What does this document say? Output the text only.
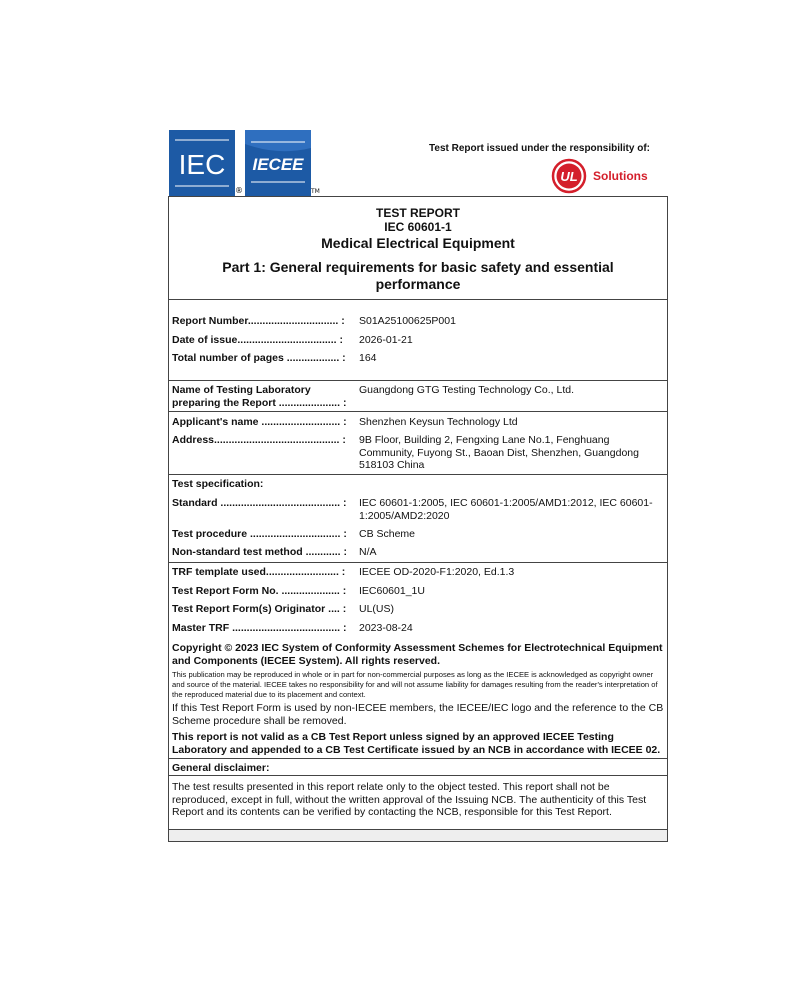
IEC
®
IECEE
TM
Test Report issued under the responsibility of:
UL Solutions
TEST REPORT
IEC 60601-1
Medical Electrical Equipment
Part 1: General requirements for basic safety and essential
performance
Report Number............................... :	S01A25100625P001
Date of issue.................................. :	2026-01-21
Total number of pages .................. :	164
Name of Testing Laboratory
preparing the Report ..................... :
Guangdong GTG Testing Technology Co., Ltd.
Applicant's name ........................... :	Shenzhen Keysun Technology Ltd
Address........................................... :	9B Floor, Building 2, Fengxing Lane No.1, Fenghuang Community, Fuyong St., Baoan Dist, Shenzhen, Guangdong 518103 China
Test specification:
Standard ......................................... :	IEC 60601-1:2005, IEC 60601-1:2005/AMD1:2012, IEC 60601-1:2005/AMD2:2020
Test procedure ............................... :	CB Scheme
Non-standard test method ............ : N/A
TRF template used......................... :	IECEE OD-2020-F1:2020, Ed.1.3
Test Report Form No. .................... :	IEC60601_1U
Test Report Form(s) Originator .... :	UL(US)
Master TRF ..................................... :	2023-08-24
Copyright © 2023 IEC System of Conformity Assessment Schemes for Electrotechnical Equipment and Components (IECEE System). All rights reserved.
This publication may be reproduced in whole or in part for non-commercial purposes as long as the IECEE is acknowledged as copyright owner and source of the material. IECEE takes no responsibility for and will not assume liability for damages resulting from the reader's interpretation of the reproduced material due to its placement and context.
If this Test Report Form is used by non-IECEE members, the IECEE/IEC logo and the reference to the CB Scheme procedure shall be removed.
This report is not valid as a CB Test Report unless signed by an approved IECEE Testing Laboratory and appended to a CB Test Certificate issued by an NCB in accordance with IECEE 02.
General disclaimer:
The test results presented in this report relate only to the object tested. This report shall not be reproduced, except in full, without the written approval of the Issuing NCB. The authenticity of this Test Report and its contents can be verified by contacting the NCB, responsible for this Test Report.
